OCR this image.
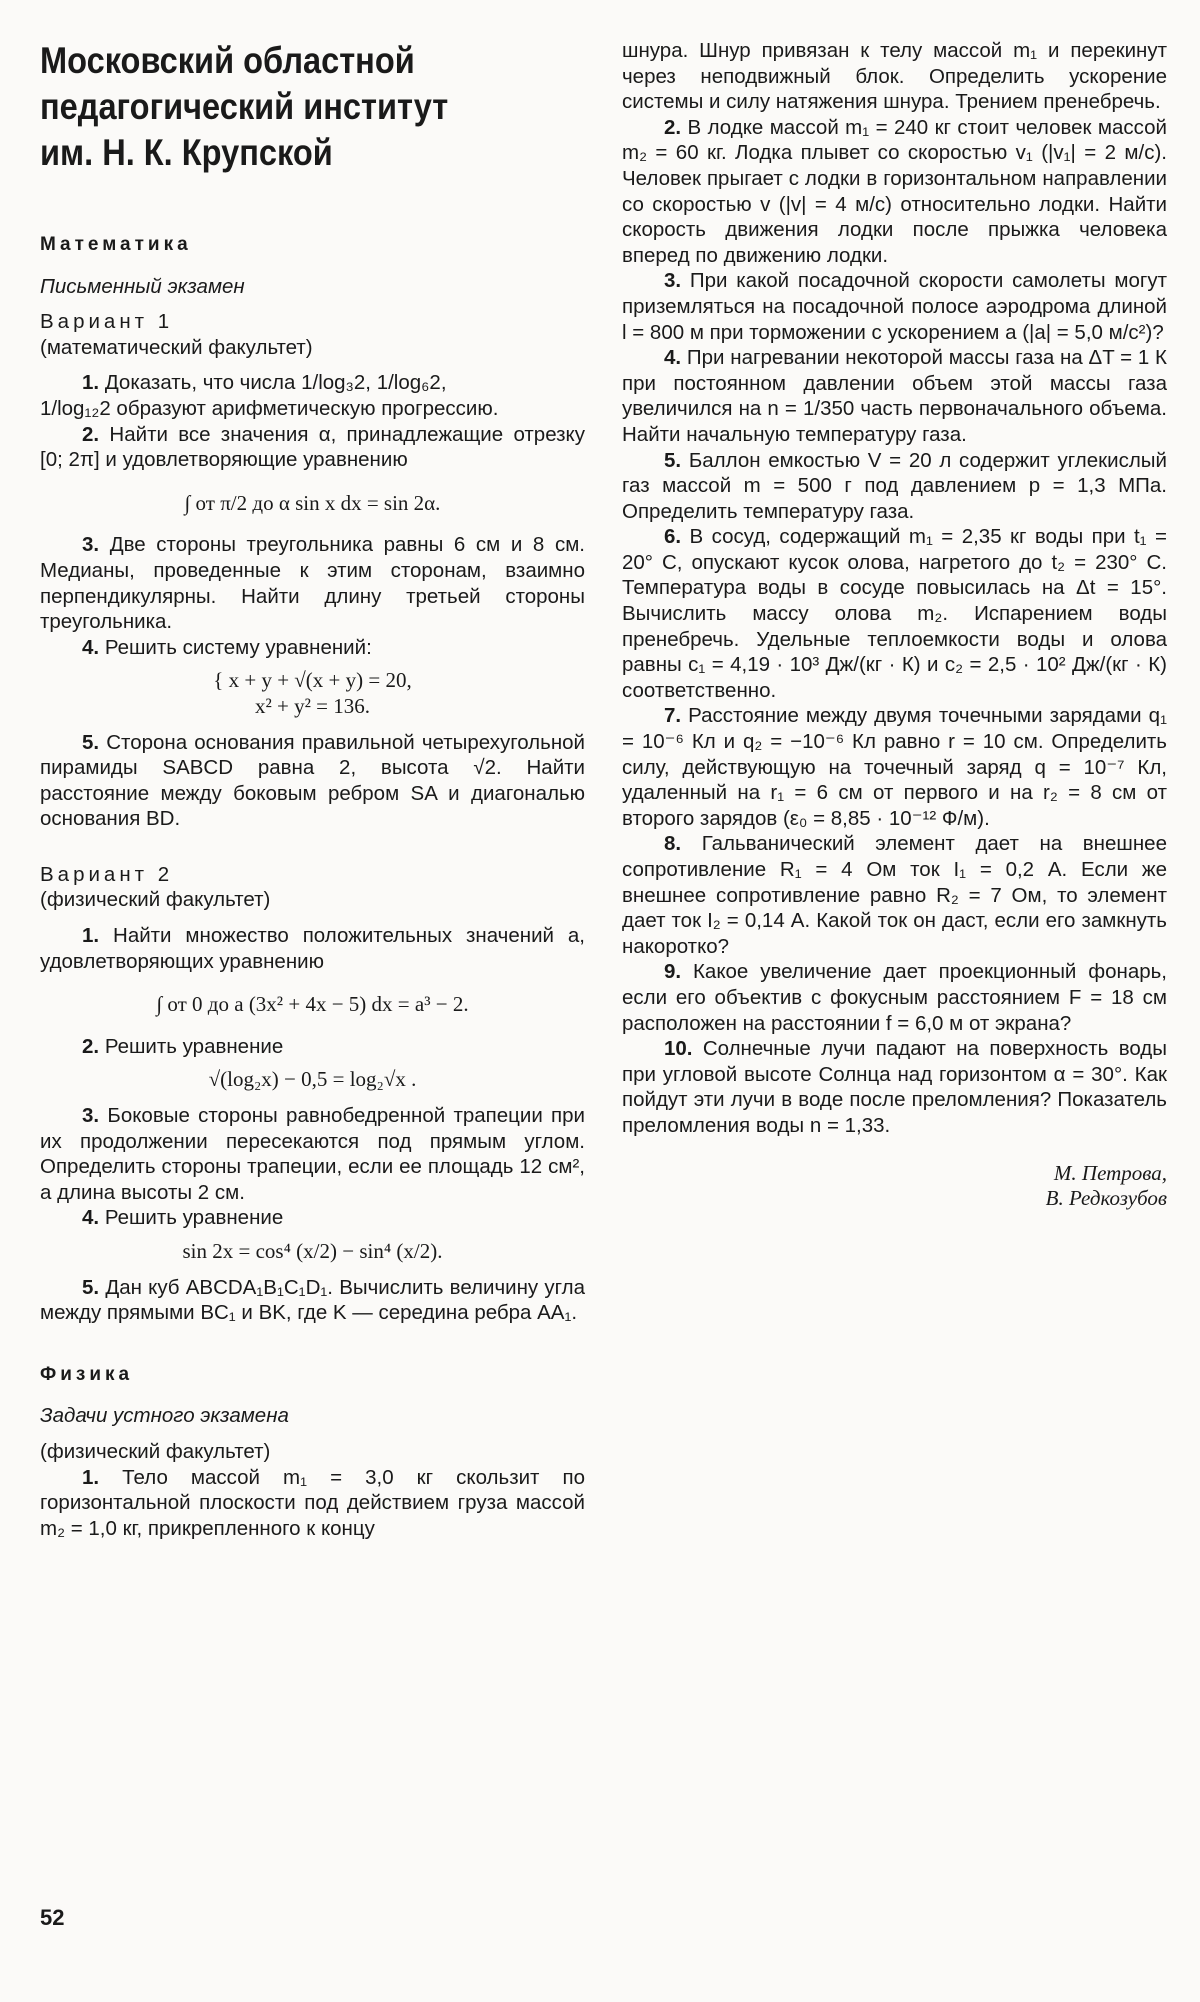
Московский областной
педагогический институт
им. Н. К. Крупской
Математика
Письменный экзамен
Вариант 1
(математический факультет)
1. Доказать, что числа 1/log₃2, 1/log₆2,
1/log₁₂2 образуют арифметическую прогрессию.
2. Найти все значения α, принадлежащие отрезку [0; 2π] и удовлетворяющие уравнению
∫ от π/2 до α sin x dx = sin 2α.
3. Две стороны треугольника равны 6 см и 8 см. Медианы, проведенные к этим сторонам, взаимно перпендикулярны. Найти длину третьей стороны треугольника.
4. Решить систему уравнений:
{ x + y + √(x + y) = 20,
x² + y² = 136.
5. Сторона основания правильной четырехугольной пирамиды SABCD равна 2, высота √2. Найти расстояние между боковым ребром SA и диагональю основания BD.
Вариант 2
(физический факультет)
1. Найти множество положительных значений a, удовлетворяющих уравнению
∫ от 0 до a (3x² + 4x − 5) dx = a³ − 2.
2. Решить уравнение
√(log₂x) − 0,5 = log₂√x .
3. Боковые стороны равнобедренной трапеции при их продолжении пересекаются под прямым углом. Определить стороны трапеции, если ее площадь 12 см², а длина высоты 2 см.
4. Решить уравнение
sin 2x = cos⁴ (x/2) − sin⁴ (x/2).
5. Дан куб ABCDA₁B₁C₁D₁. Вычислить величину угла между прямыми BC₁ и BK, где K — середина ребра AA₁.
Физика
Задачи устного экзамена
(физический факультет)
1. Тело массой m₁ = 3,0 кг скользит по горизонтальной плоскости под действием груза массой m₂ = 1,0 кг, прикрепленного к концу
шнура. Шнур привязан к телу массой m₁ и перекинут через неподвижный блок. Определить ускорение системы и силу натяжения шнура. Трением пренебречь.
2. В лодке массой m₁ = 240 кг стоит человек массой m₂ = 60 кг. Лодка плывет со скоростью v₁ (|v₁| = 2 м/с). Человек прыгает с лодки в горизонтальном направлении со скоростью v (|v| = 4 м/с) относительно лодки. Найти скорость движения лодки после прыжка человека вперед по движению лодки.
3. При какой посадочной скорости самолеты могут приземляться на посадочной полосе аэродрома длиной l = 800 м при торможении с ускорением a (|a| = 5,0 м/с²)?
4. При нагревании некоторой массы газа на ΔT = 1 К при постоянном давлении объем этой массы газа увеличился на n = 1/350 часть первоначального объема. Найти начальную температуру газа.
5. Баллон емкостью V = 20 л содержит углекислый газ массой m = 500 г под давлением p = 1,3 МПа. Определить температуру газа.
6. В сосуд, содержащий m₁ = 2,35 кг воды при t₁ = 20° С, опускают кусок олова, нагретого до t₂ = 230° С. Температура воды в сосуде повысилась на Δt = 15°. Вычислить массу олова m₂. Испарением воды пренебречь. Удельные теплоемкости воды и олова равны c₁ = 4,19 · 10³ Дж/(кг · К) и c₂ = 2,5 · 10² Дж/(кг · К) соответственно.
7. Расстояние между двумя точечными зарядами q₁ = 10⁻⁶ Кл и q₂ = −10⁻⁶ Кл равно r = 10 см. Определить силу, действующую на точечный заряд q = 10⁻⁷ Кл, удаленный на r₁ = 6 см от первого и на r₂ = 8 см от второго зарядов (ε₀ = 8,85 · 10⁻¹² Ф/м).
8. Гальванический элемент дает на внешнее сопротивление R₁ = 4 Ом ток I₁ = 0,2 А. Если же внешнее сопротивление равно R₂ = 7 Ом, то элемент дает ток I₂ = 0,14 А. Какой ток он даст, если его замкнуть накоротко?
9. Какое увеличение дает проекционный фонарь, если его объектив с фокусным расстоянием F = 18 см расположен на расстоянии f = 6,0 м от экрана?
10. Солнечные лучи падают на поверхность воды при угловой высоте Солнца над горизонтом α = 30°. Как пойдут эти лучи в воде после преломления? Показатель преломления воды n = 1,33.
М. Петрова,
В. Редкозубов
52
